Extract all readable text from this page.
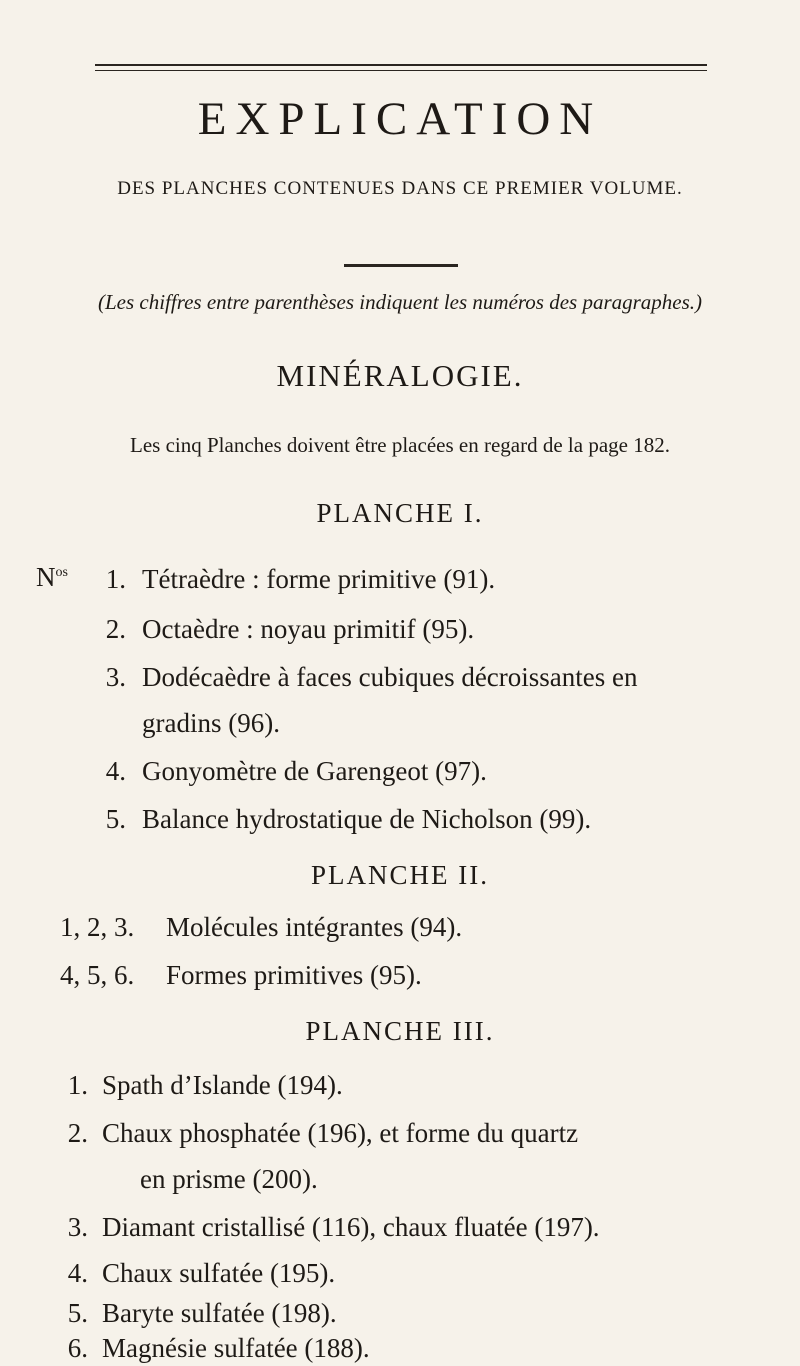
EXPLICATION
DES PLANCHES CONTENUES DANS CE PREMIER VOLUME.
(Les chiffres entre parenthèses indiquent les numéros des paragraphes.)
MINÉRALOGIE.
Les cinq Planches doivent être placées en regard de la page 182.
PLANCHE I.
$N^{os}$ 1. Tétraèdre : forme primitive (91).
2. Octaèdre : noyau primitif (95).
3. Dodécaèdre à faces cubiques décroissantes en
gradins (96).
4. Gonyomètre de Garengeot (97).
5. Balance hydrostatique de Nicholson (99).
PLANCHE II.
1, 2, 3. Molécules intégrantes (94).
4, 5, 6. Formes primitives (95).
PLANCHE III.
1. Spath d’Islande (194).
2. Chaux phosphatée (196), et forme du quartz
en prisme (200).
3. Diamant cristallisé (116), chaux fluatée (197).
4. Chaux sulfatée (195).
5. Baryte sulfatée (198).
6. Magnésie sulfatée (188).
